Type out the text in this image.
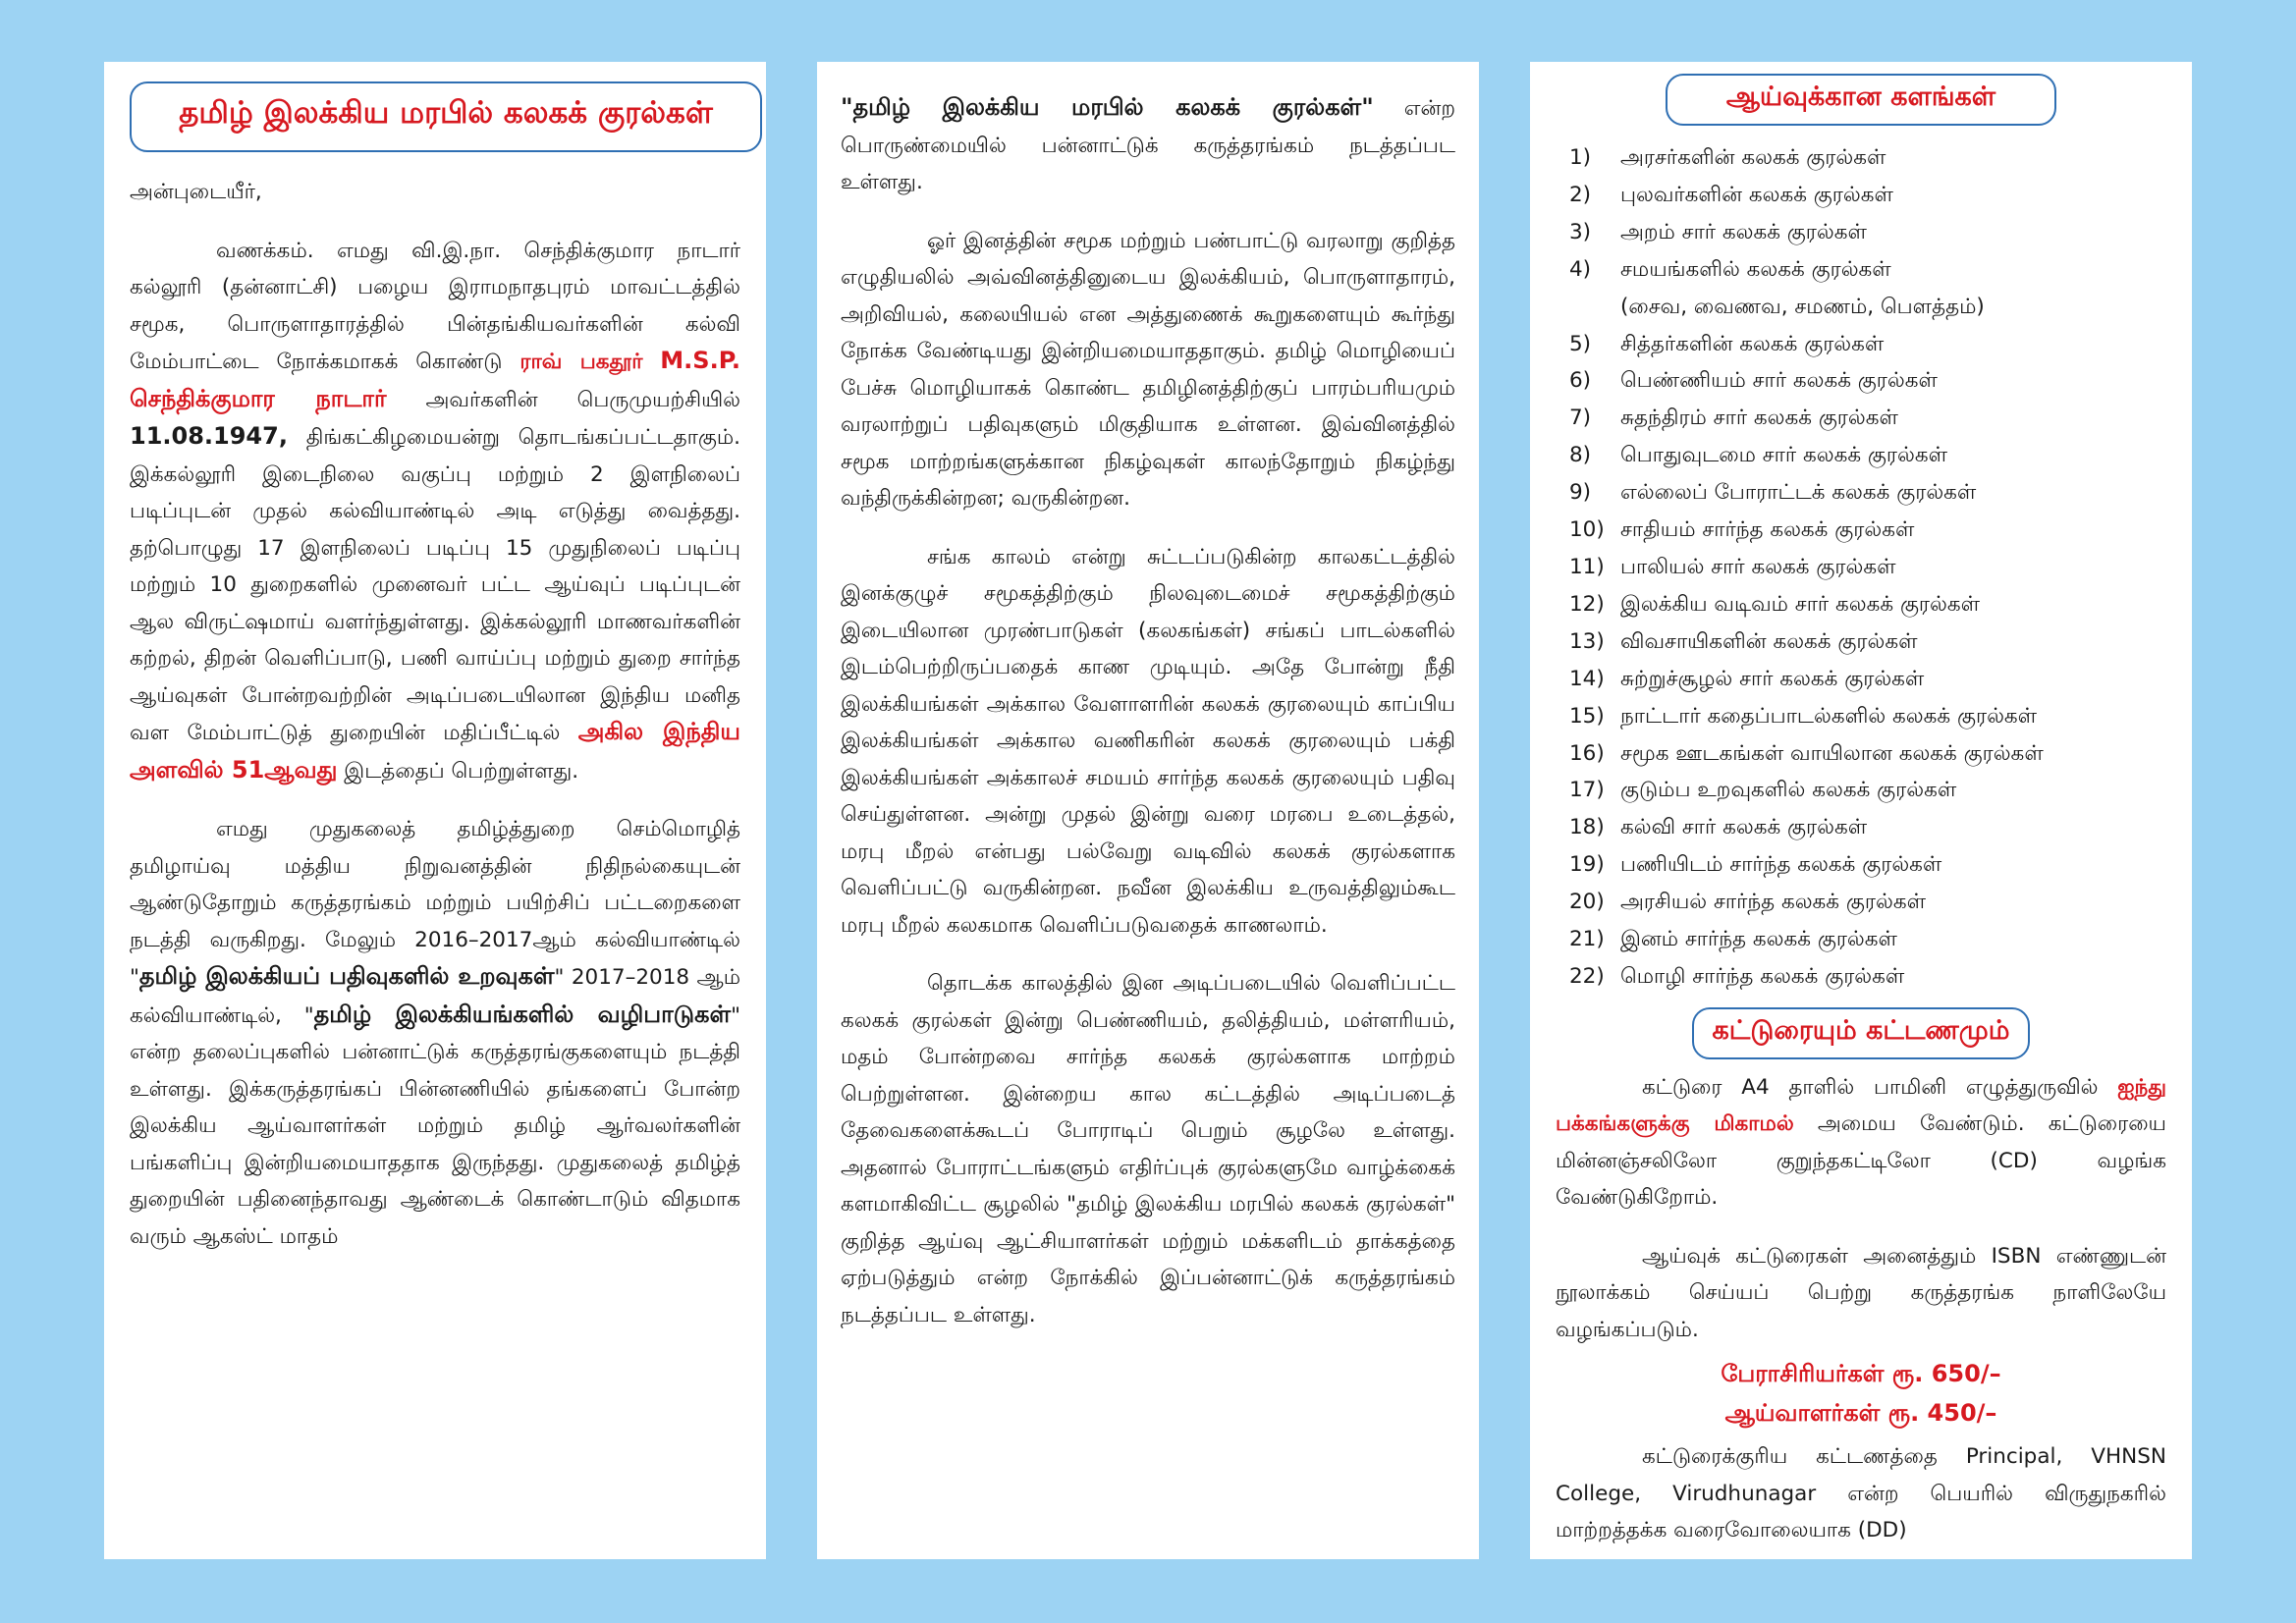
தமிழ் இலக்கிய மரபில் கலகக் குரல்கள்

அன்புடையீர்,

வணக்கம். எமது வி.இ.நா. செந்திக்குமார நாடார் கல்லூரி (தன்னாட்சி) பழைய இராமநாதபுரம் மாவட்டத்தில் சமூக, பொருளாதாரத்தில் பின்தங்கியவர்களின் கல்வி மேம்பாட்டை நோக்கமாகக் கொண்டு ராவ் பகதூர் M.S.P. செந்திக்குமார நாடார் அவர்களின் பெருமுயற்சியில் 11.08.1947, திங்கட்கிழமையன்று தொடங்கப்பட்டதாகும். இக்கல்லூரி இடைநிலை வகுப்பு மற்றும் 2 இளநிலைப் படிப்புடன் முதல் கல்வியாண்டில் அடி எடுத்து வைத்தது. தற்பொழுது 17 இளநிலைப் படிப்பு 15 முதுநிலைப் படிப்பு மற்றும் 10 துறைகளில் முனைவர் பட்ட ஆய்வுப் படிப்புடன் ஆல விருட்ஷமாய் வளர்ந்துள்ளது. இக்கல்லூரி மாணவர்களின் கற்றல், திறன் வெளிப்பாடு, பணி வாய்ப்பு மற்றும் துறை சார்ந்த ஆய்வுகள் போன்றவற்றின் அடிப்படையிலான இந்திய மனித வள மேம்பாட்டுத் துறையின் மதிப்பீட்டில் அகில இந்திய அளவில் 51ஆவது இடத்தைப் பெற்றுள்ளது.

எமது முதுகலைத் தமிழ்த்துறை செம்மொழித் தமிழாய்வு மத்திய நிறுவனத்தின் நிதிநல்கையுடன் ஆண்டுதோறும் கருத்தரங்கம் மற்றும் பயிற்சிப் பட்டறைகளை நடத்தி வருகிறது. மேலும் 2016–2017ஆம் கல்வியாண்டில் "தமிழ் இலக்கியப் பதிவுகளில் உறவுகள்" 2017–2018 ஆம் கல்வியாண்டில், "தமிழ் இலக்கியங்களில் வழிபாடுகள்" என்ற தலைப்புகளில் பன்னாட்டுக் கருத்தரங்குகளையும் நடத்தி உள்ளது. இக்கருத்தரங்கப் பின்னணியில் தங்களைப் போன்ற இலக்கிய ஆய்வாளர்கள் மற்றும் தமிழ் ஆர்வலர்களின் பங்களிப்பு இன்றியமையாததாக இருந்தது. முதுகலைத் தமிழ்த் துறையின் பதினைந்தாவது ஆண்டைக் கொண்டாடும் விதமாக வரும் ஆகஸ்ட் மாதம்

"தமிழ் இலக்கிய மரபில் கலகக் குரல்கள்" என்ற பொருண்மையில் பன்னாட்டுக் கருத்தரங்கம் நடத்தப்பட உள்ளது.

ஓர் இனத்தின் சமூக மற்றும் பண்பாட்டு வரலாறு குறித்த எழுதியலில் அவ்வினத்தினுடைய இலக்கியம், பொருளாதாரம், அறிவியல், கலையியல் என அத்துணைக் கூறுகளையும் கூர்ந்து நோக்க வேண்டியது இன்றியமையாததாகும். தமிழ் மொழியைப் பேச்சு மொழியாகக் கொண்ட தமிழினத்திற்குப் பாரம்பரியமும் வரலாற்றுப் பதிவுகளும் மிகுதியாக உள்ளன. இவ்வினத்தில் சமூக மாற்றங்களுக்கான நிகழ்வுகள் காலந்தோறும் நிகழ்ந்து வந்திருக்கின்றன; வருகின்றன.

சங்க காலம் என்று சுட்டப்படுகின்ற காலகட்டத்தில் இனக்குழுச் சமூகத்திற்கும் நிலவுடைமைச் சமூகத்திற்கும் இடையிலான முரண்பாடுகள் (கலகங்கள்) சங்கப் பாடல்களில் இடம்பெற்றிருப்பதைக் காண முடியும். அதே போன்று நீதி இலக்கியங்கள் அக்கால வேளாளரின் கலகக் குரலையும் காப்பிய இலக்கியங்கள் அக்கால வணிகரின் கலகக் குரலையும் பக்தி இலக்கியங்கள் அக்காலச் சமயம் சார்ந்த கலகக் குரலையும் பதிவு செய்துள்ளன. அன்று முதல் இன்று வரை மரபை உடைத்தல், மரபு மீறல் என்பது பல்வேறு வடிவில் கலகக் குரல்களாக வெளிப்பட்டு வருகின்றன. நவீன இலக்கிய உருவத்திலும்கூட மரபு மீறல் கலகமாக வெளிப்படுவதைக் காணலாம்.

தொடக்க காலத்தில் இன அடிப்படையில் வெளிப்பட்ட கலகக் குரல்கள் இன்று பெண்ணியம், தலித்தியம், மள்ளரியம், மதம் போன்றவை சார்ந்த கலகக் குரல்களாக மாற்றம் பெற்றுள்ளன. இன்றைய கால கட்டத்தில் அடிப்படைத் தேவைகளைக்கூடப் போராடிப் பெறும் சூழலே உள்ளது. அதனால் போராட்டங்களும் எதிர்ப்புக் குரல்களுமே வாழ்க்கைக் களமாகிவிட்ட சூழலில் "தமிழ் இலக்கிய மரபில் கலகக் குரல்கள்" குறித்த ஆய்வு ஆட்சியாளர்கள் மற்றும் மக்களிடம் தாக்கத்தை ஏற்படுத்தும் என்ற நோக்கில் இப்பன்னாட்டுக் கருத்தரங்கம் நடத்தப்பட உள்ளது.

ஆய்வுக்கான களங்கள்
1)	அரசர்களின் கலகக் குரல்கள்
2)	புலவர்களின் கலகக் குரல்கள்
3)	அறம் சார் கலகக் குரல்கள்
4)	சமயங்களில் கலகக் குரல்கள்
(சைவ, வைணவ, சமணம், பௌத்தம்)
5)	சித்தர்களின் கலகக் குரல்கள்
6)	பெண்ணியம் சார் கலகக் குரல்கள்
7)	சுதந்திரம் சார் கலகக் குரல்கள்
8)	பொதுவுடமை சார் கலகக் குரல்கள்
9)	எல்லைப் போராட்டக் கலகக் குரல்கள்
10) சாதியம் சார்ந்த கலகக் குரல்கள்
11) பாலியல் சார் கலகக் குரல்கள்
12) இலக்கிய வடிவம் சார் கலகக் குரல்கள்
13) விவசாயிகளின் கலகக் குரல்கள்
14) சுற்றுச்சூழல் சார் கலகக் குரல்கள்
15) நாட்டார் கதைப்பாடல்களில் கலகக் குரல்கள்
16) சமூக ஊடகங்கள் வாயிலான கலகக் குரல்கள்
17) குடும்ப உறவுகளில் கலகக் குரல்கள்
18) கல்வி சார் கலகக் குரல்கள்
19) பணியிடம் சார்ந்த கலகக் குரல்கள்
20) அரசியல் சார்ந்த கலகக் குரல்கள்
21) இனம் சார்ந்த கலகக் குரல்கள்
22) மொழி சார்ந்த கலகக் குரல்கள்
கட்டுரையும் கட்டணமும்

கட்டுரை A4 தாளில் பாமினி எழுத்துருவில் ஐந்து பக்கங்களுக்கு மிகாமல் அமைய வேண்டும். கட்டுரையை மின்னஞ்சலிலோ குறுந்தகட்டிலோ (CD) வழங்க வேண்டுகிறோம்.

ஆய்வுக் கட்டுரைகள் அனைத்தும் ISBN எண்ணுடன் நூலாக்கம் செய்யப் பெற்று கருத்தரங்க நாளிலேயே வழங்கப்படும்.

பேராசிரியர்கள் ரூ. 650/–
ஆய்வாளர்கள் ரூ. 450/–

கட்டுரைக்குரிய கட்டணத்தை Principal, VHNSN College, Virudhunagar என்ற பெயரில் விருதுநகரில் மாற்றத்தக்க வரைவோலையாக (DD)
